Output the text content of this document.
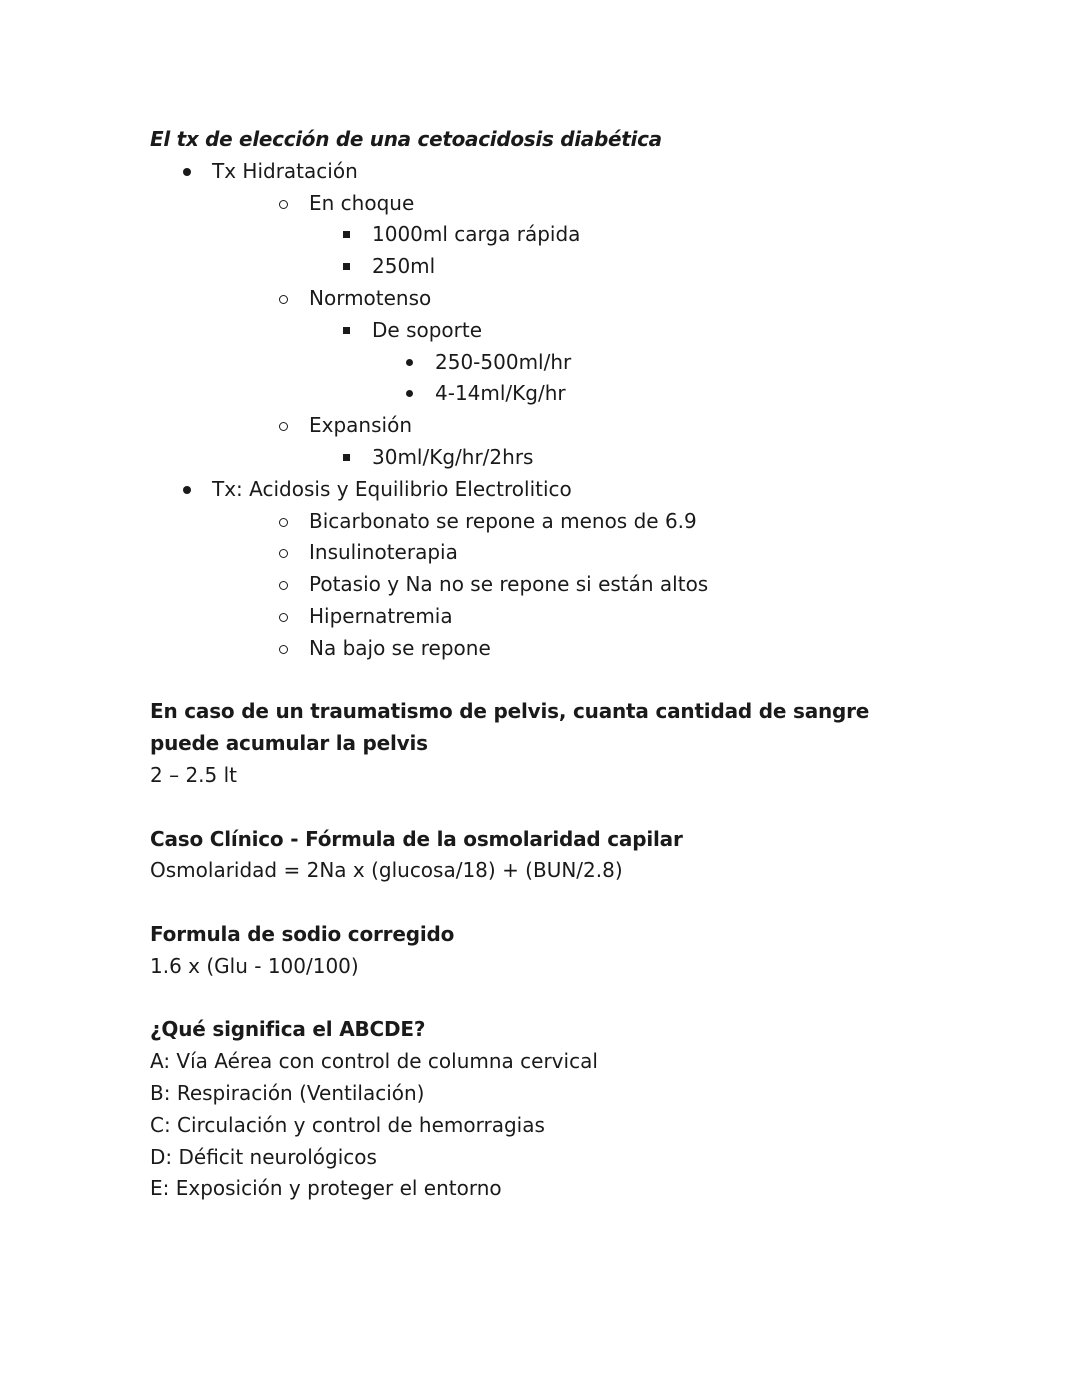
El tx de elección de una cetoacidosis diabética
Tx Hidratación
En choque
1000ml carga rápida
250ml
Normotenso
De soporte
250-500ml/hr
4-14ml/Kg/hr
Expansión
30ml/Kg/hr/2hrs
Tx: Acidosis y Equilibrio Electrolitico
Bicarbonato se repone a menos de 6.9
Insulinoterapia
Potasio y Na no se repone si están altos
Hipernatremia
Na bajo se repone
En caso de un traumatismo de pelvis, cuanta cantidad de sangre puede acumular la pelvis
2 – 2.5 lt
Caso Clínico - Fórmula de la osmolaridad capilar
Osmolaridad = 2Na x (glucosa/18) + (BUN/2.8)
Formula de sodio corregido
1.6 x (Glu - 100/100)
¿Qué significa el ABCDE?
A: Vía Aérea con control de columna cervical
B: Respiración (Ventilación)
C: Circulación y control de hemorragias
D: Déficit neurológicos
E: Exposición y proteger el entorno
